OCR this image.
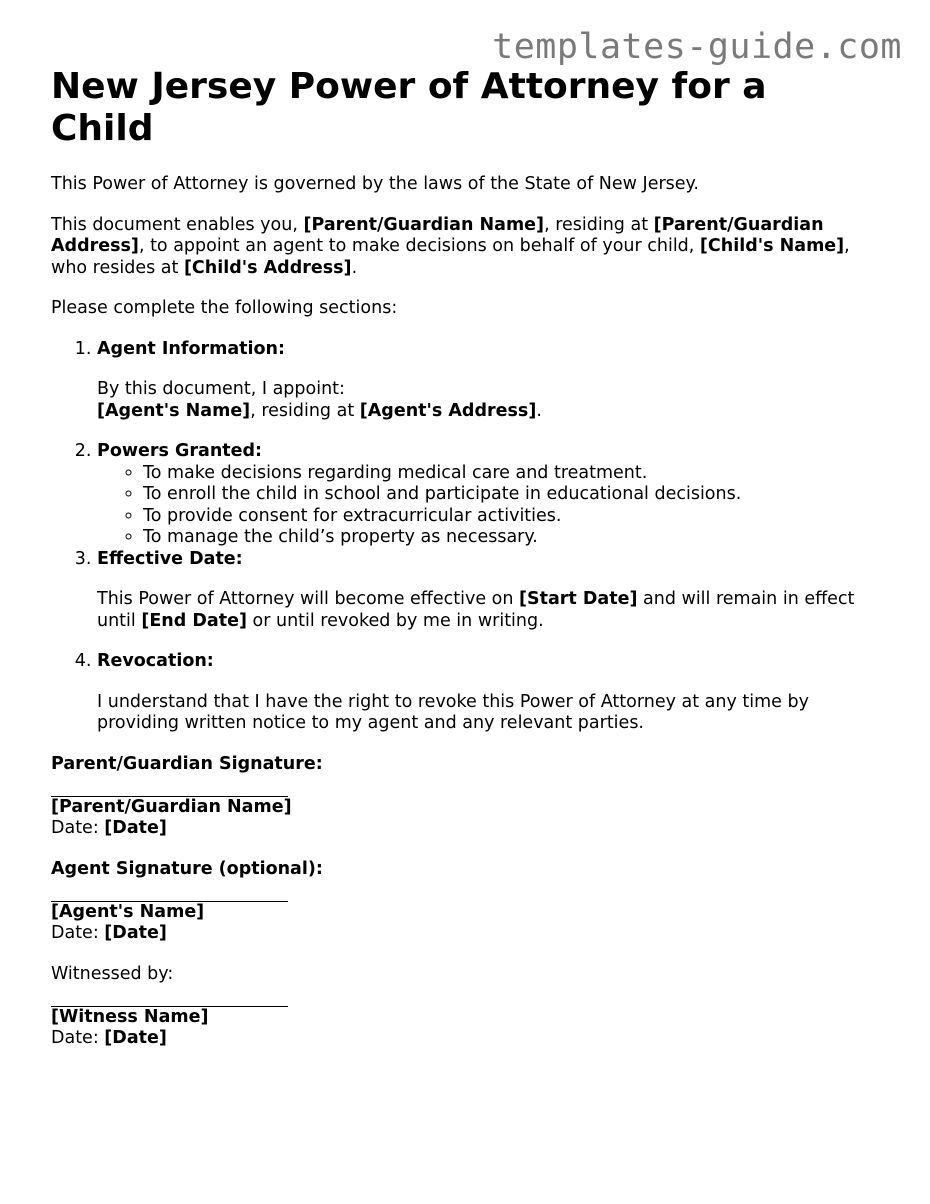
templates-guide.com
New Jersey Power of Attorney for a Child

This Power of Attorney is governed by the laws of the State of New Jersey.

This document enables you, [Parent/Guardian Name], residing at [Parent/Guardian Address], to appoint an agent to make decisions on behalf of your child, [Child's Name], who resides at [Child's Address].

Please complete the following sections:

1. Agent Information:
By this document, I appoint:
[Agent's Name], residing at [Agent's Address].
2. Powers Granted:
◦ To make decisions regarding medical care and treatment.
◦ To enroll the child in school and participate in educational decisions.
◦ To provide consent for extracurricular activities.
◦ To manage the child’s property as necessary.
3. Effective Date:
This Power of Attorney will become effective on [Start Date] and will remain in effect until [End Date] or until revoked by me in writing.
4. Revocation:
I understand that I have the right to revoke this Power of Attorney at any time by providing written notice to my agent and any relevant parties.
Parent/Guardian Signature:
[Parent/Guardian Name]
Date: [Date]
Agent Signature (optional):
[Agent's Name]
Date: [Date]
Witnessed by:
[Witness Name]
Date: [Date]
